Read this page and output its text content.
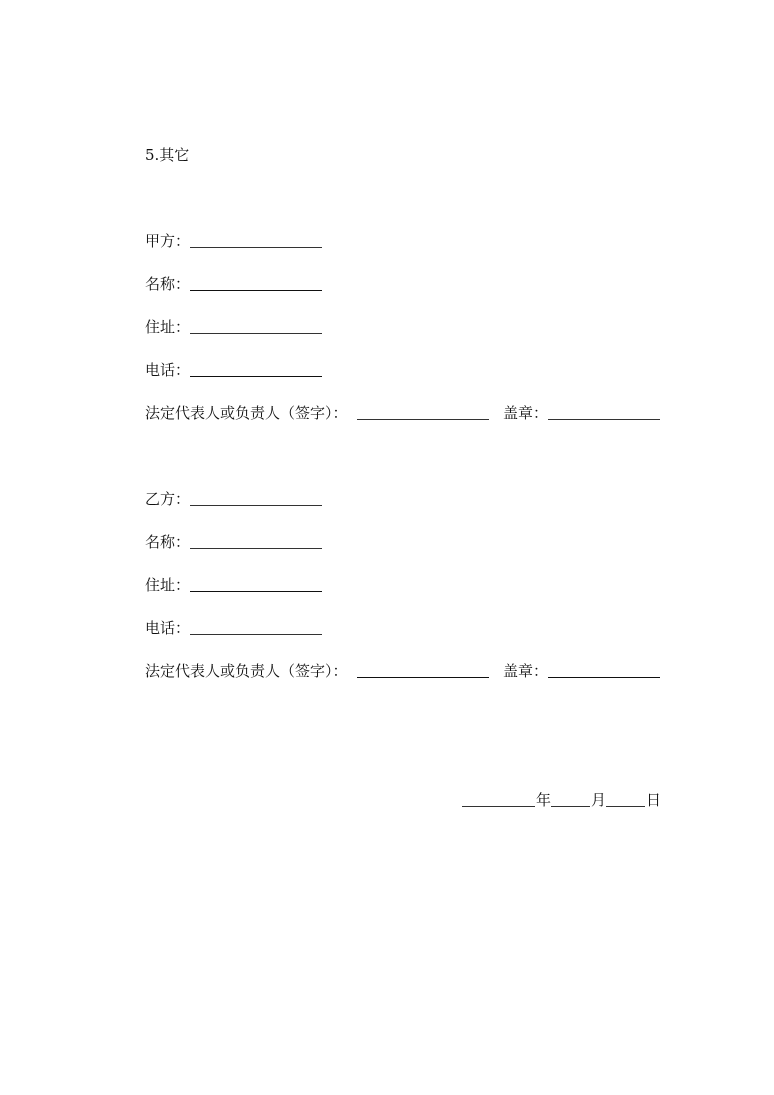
5.其它
甲方：
名称：
住址：
电话：
法定代表人或负责人（签字）：	盖章：
乙方：
名称：
住址：
电话：
法定代表人或负责人（签字）：	盖章：
年	月	日
